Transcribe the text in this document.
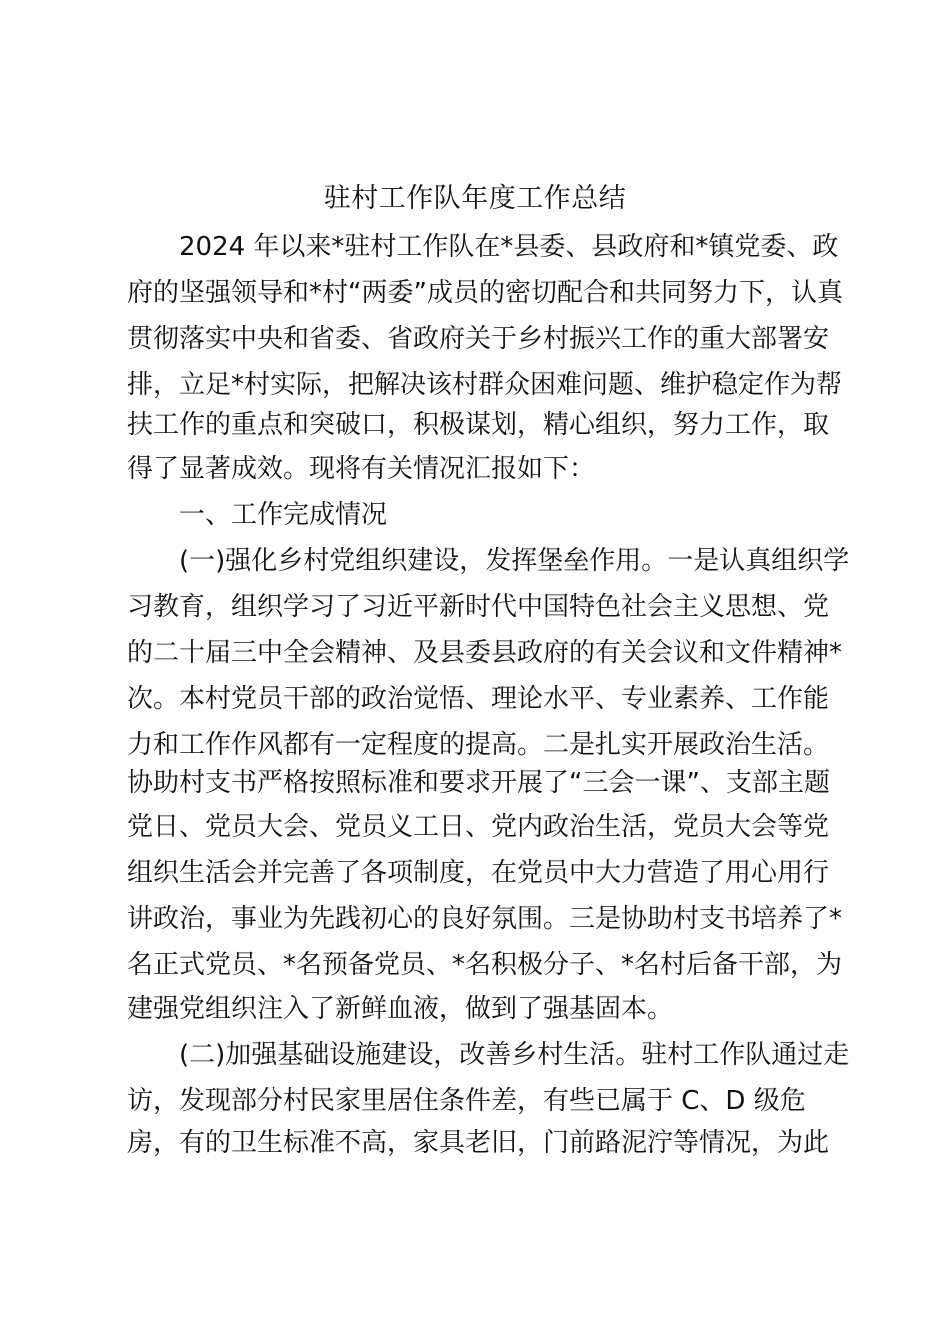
驻村工作队年度工作总结
2024 年以来*驻村工作队在*县委、县政府和*镇党委、政
府的坚强领导和*村“两委”成员的密切配合和共同努力下，认真
贯彻落实中央和省委、省政府关于乡村振兴工作的重大部署安
排，立足*村实际，把解决该村群众困难问题、维护稳定作为帮
扶工作的重点和突破口，积极谋划，精心组织，努力工作，取
得了显著成效。现将有关情况汇报如下：
一、工作完成情况
(一)强化乡村党组织建设，发挥堡垒作用。一是认真组织学
习教育，组织学习了习近平新时代中国特色社会主义思想、党
的二十届三中全会精神、及县委县政府的有关会议和文件精神*
次。本村党员干部的政治觉悟、理论水平、专业素养、工作能
力和工作作风都有一定程度的提高。二是扎实开展政治生活。
协助村支书严格按照标准和要求开展了“三会一课”、支部主题
党日、党员大会、党员义工日、党内政治生活，党员大会等党
组织生活会并完善了各项制度，在党员中大力营造了用心用行
讲政治，事业为先践初心的良好氛围。三是协助村支书培养了*
名正式党员、*名预备党员、*名积极分子、*名村后备干部，为
建强党组织注入了新鲜血液，做到了强基固本。
(二)加强基础设施建设，改善乡村生活。驻村工作队通过走
访，发现部分村民家里居住条件差，有些已属于 C、D 级危
房，有的卫生标准不高，家具老旧，门前路泥泞等情况，为此
